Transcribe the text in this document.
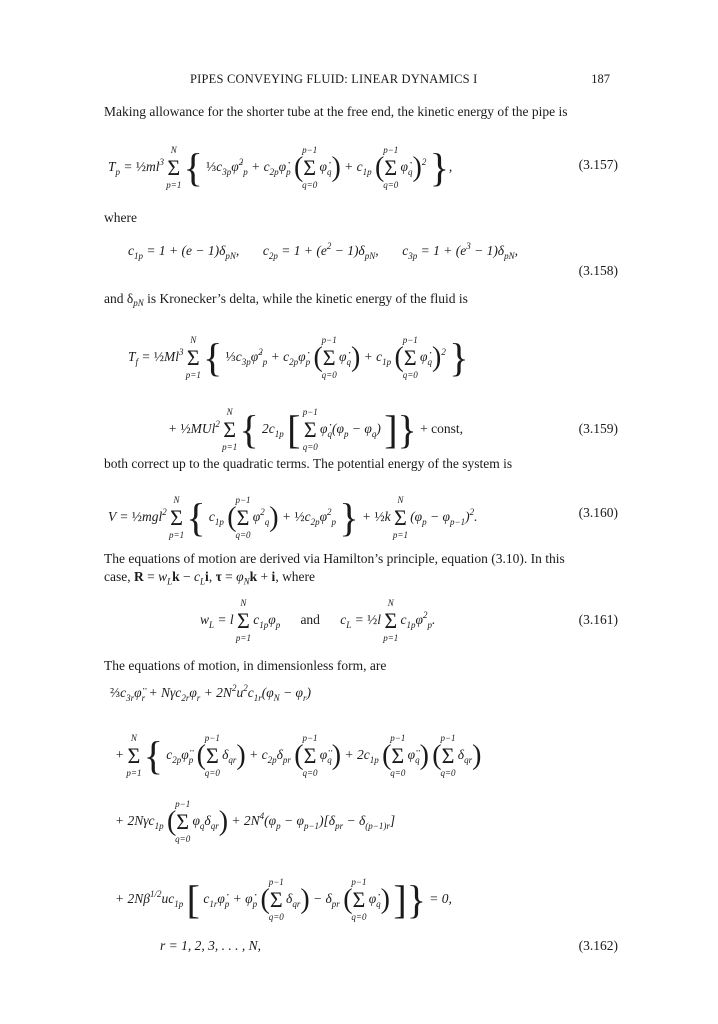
PIPES CONVEYING FLUID: LINEAR DYNAMICS I	187
Making allowance for the shorter tube at the free end, the kinetic energy of the pipe is
$T_p$ = $\frac{1}{2}ml^3$ Σ
N
p=1 { $\frac{1}{3}c_{3p}\varphi̇^2_p$ + $c_{2p}\varphi̇_p$ (Σ
p−1
q=0
$\varphi̇_q) + c_{1p}$ (Σ
p−1
q=0
$\varphi̇_q)^2$ },	(3.157)
where
$c_{1p} = 1 + (e - 1)\delta_{pN}$,       $c_{2p} = 1 + (e^2 - 1)\delta_{pN}$,       $c_{3p} = 1 + (e^3 - 1)\delta_{pN}$,
(3.158)
and $\delta_{pN}$ is Kronecker’s delta, while the kinetic energy of the fluid is
$T_f$ = $\frac{1}{2}Ml^3$ Σ
N
p=1 { $\frac{1}{3}c_{3p}\varphi̇^2_p$ + $c_{2p}\varphi̇_p$ (Σ
p−1
q=0
$\varphi̇_q) + c_{1p}$ (Σ
p−1
q=0
$\varphi̇_q)^2$ }
+ ½MUl$^2$ Σ
N
p=1 { $2c_{1p}$ [ Σ
p−1
q=0
$\varphi̇_q(\varphi_p - \varphi_q)$ ]} + const,	(3.159)
both correct up to the quadratic terms. The potential energy of the system is
V = ½mgl$^2$ Σ
N
p=1 { $c_{1p}$ (Σ
p−1
q=0
$\varphi^2_q$) + $\frac{1}{2}c_{2p}\varphi^2_p$ } + ½k Σ
N
p=1
$(\varphi_p - \varphi_{p-1})^2$.	(3.160)
The equations of motion are derived via Hamilton’s principle, equation (3.10). In this
case, $R = w_Lk - c_Li$, $\tau = \varphi_Nk + i$, where
$w_L = l$ Σ
N
p=1
$c_{1p}\varphi_p$ and      $c_L$ = ½l Σ
N
p=1
$c_{1p}\varphi^2_p$.	(3.161)
The equations of motion, in dimensionless form, are
$\frac{2}{3}c_{3r}\varphï_r + N\gamma c_{2r}\varphi_r + 2N^2u^2c_{1r}(\varphi_N - \varphi_r)$
+ Σ
N
p=1 { $c_{2p}\varphï_p$ (Σ
p−1
q=0
$\delta_{qr}) + c_{2p}\delta_{pr}$ (Σ
p−1
q=0
$\varphï_q) + 2c_{1p}$ (Σ
p−1
q=0
$\varphï_q$) (Σ
p−1
q=0
$\delta_{qr}$)
+ 2Nγc$_{1p}$ (Σ
p−1
q=0
$\varphi_q\delta_{qr}) + 2N^4(\varphi_p - \varphi_{p-1})[\delta_{pr} - \delta_{(p-1)r}]$
+ $2N\beta^{1/2}uc_{1p}$ [ $c_{1r}\varphi̇_p$ + $\varphi̇_p$ (Σ
p−1
q=0
$\delta_{qr}) - \delta_{pr}$ (Σ
p−1
q=0
$\varphi̇_q$) ]} = 0,
r = 1, 2, 3, . . . , N,	(3.162)
